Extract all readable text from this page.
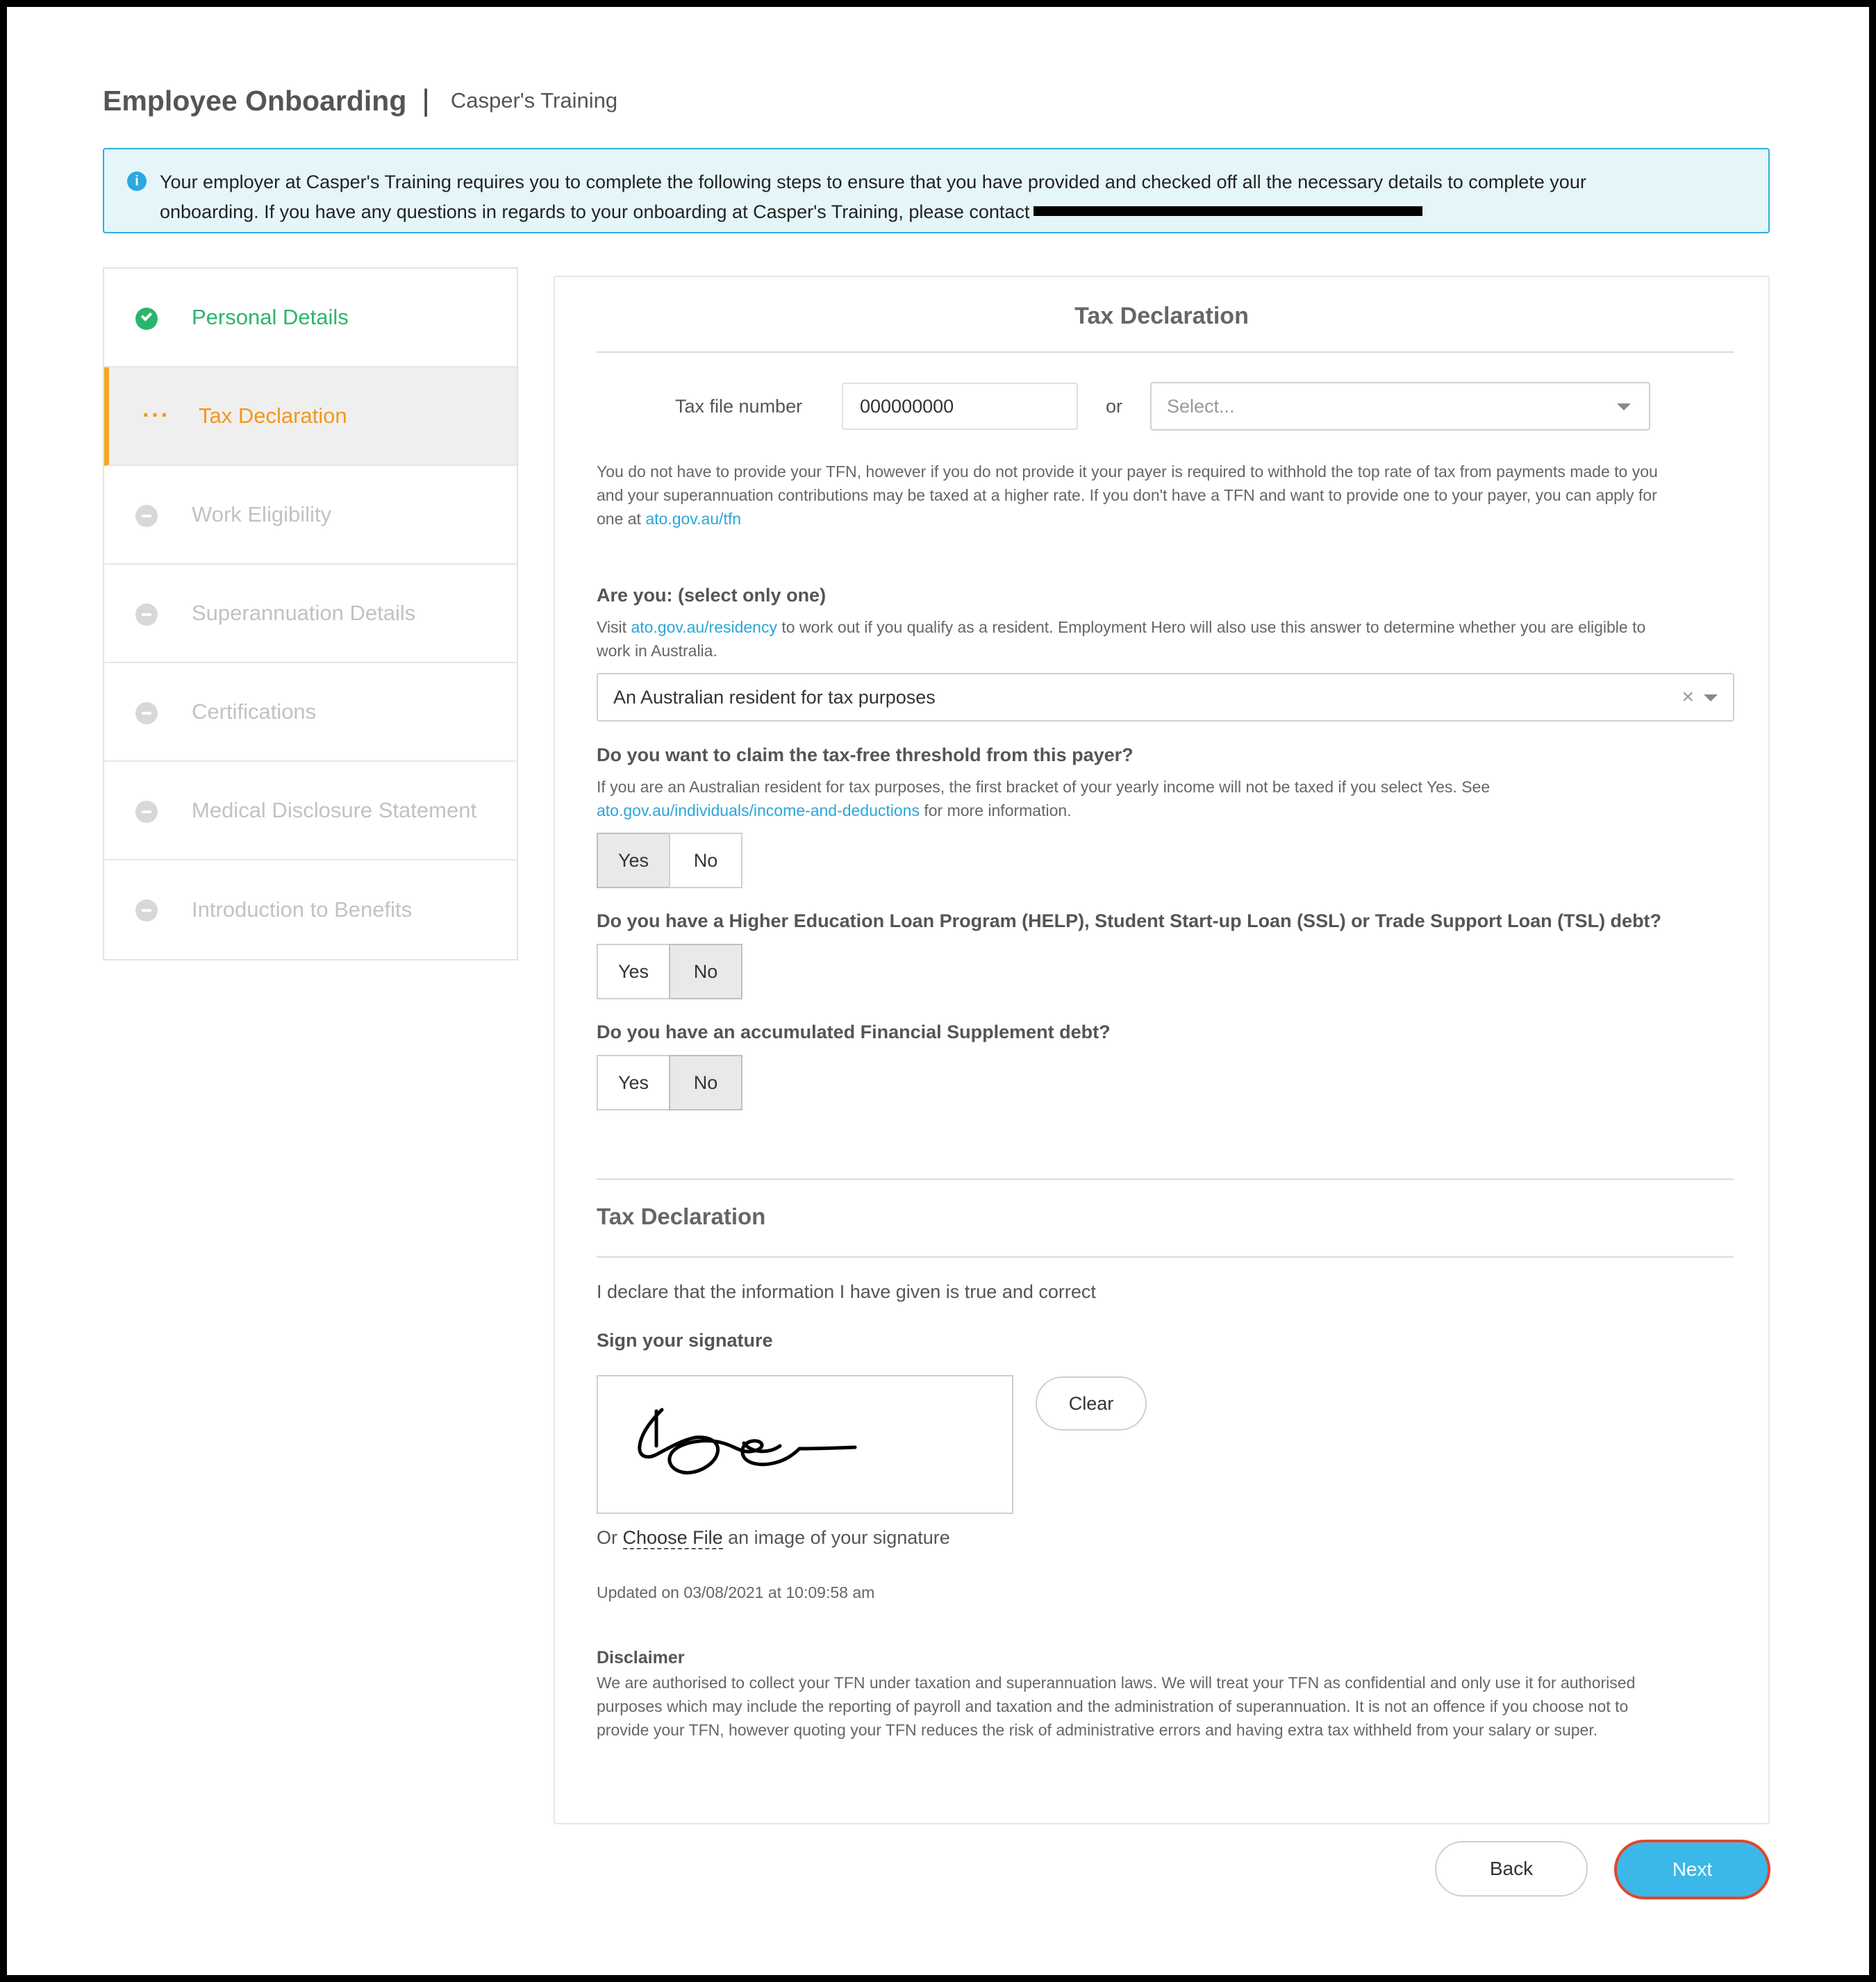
Employee Onboarding | Casper's Training
i	Your employer at Casper's Training requires you to complete the following steps to ensure that you have provided and checked off all the necessary details to complete your
onboarding. If you have any questions in regards to your onboarding at Casper's Training, please contact
Personal Details
··· Tax Declaration
Work Eligibility
Superannuation Details
Certifications
Medical Disclosure Statement
Introduction to Benefits
Tax Declaration
Tax file number
000000000	or	Select...
You do not have to provide your TFN, however if you do not provide it your payer is required to withhold the top rate of tax from payments made to you
and your superannuation contributions may be taxed at a higher rate. If you don't have a TFN and want to provide one to your payer, you can apply for
one at ato.gov.au/tfn
Are you: (select only one)
Visit ato.gov.au/residency to work out if you qualify as a resident. Employment Hero will also use this answer to determine whether you are eligible to
work in Australia.
An Australian resident for tax purposes	×
Do you want to claim the tax-free threshold from this payer?
If you are an Australian resident for tax purposes, the first bracket of your yearly income will not be taxed if you select Yes. See
ato.gov.au/individuals/income-and-deductions for more information.
Yes	No
Do you have a Higher Education Loan Program (HELP), Student Start-up Loan (SSL) or Trade Support Loan (TSL) debt?
Yes	No
Do you have an accumulated Financial Supplement debt?
Yes	No
Tax Declaration
I declare that the information I have given is true and correct
Sign your signature
Clear
Or Choose File an image of your signature
Updated on 03/08/2021 at 10:09:58 am
Disclaimer
We are authorised to collect your TFN under taxation and superannuation laws. We will treat your TFN as confidential and only use it for authorised
purposes which may include the reporting of payroll and taxation and the administration of superannuation. It is not an offence if you choose not to
provide your TFN, however quoting your TFN reduces the risk of administrative errors and having extra tax withheld from your salary or super.
Back	Next
